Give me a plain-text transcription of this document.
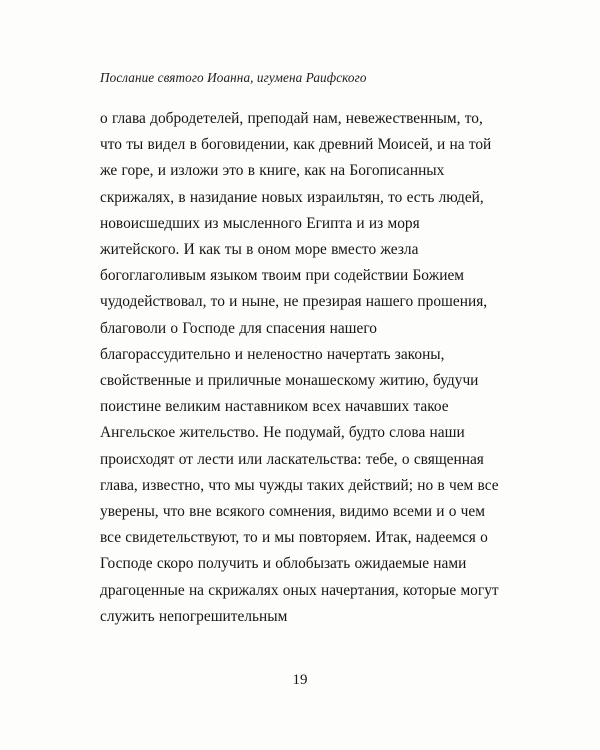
Послание святого Иоанна, игумена Раифского

о глава добродетелей, преподай нам, невежественным, то, что ты видел в боговидении, как древний Моисей, и на той же горе, и изложи это в книге, как на Богописанных скрижалях, в назидание новых израильтян, то есть людей, новоисшедших из мысленного Египта и из моря житейского. И как ты в оном море вместо жезла богоглаголивым языком твоим при содействии Божием чудодействовал, то и ныне, не презирая нашего прошения, благоволи о Господе для спасения нашего благорассудительно и неленостно начертать законы, свойственные и приличные монашескому житию, будучи поистине великим наставником всех начавших такое Ангельское жительство. Не подумай, будто слова наши происходят от лести или ласкательства: тебе, о священная глава, известно, что мы чужды таких действий; но в чем все уверены, что вне всякого сомнения, видимо всеми и о чем все свидетельствуют, то и мы повторяем. Итак, надеемся о Господе скоро получить и облобызать ожидаемые нами драгоценные на скрижалях оных начертания, которые могут служить непогрешительным

19
